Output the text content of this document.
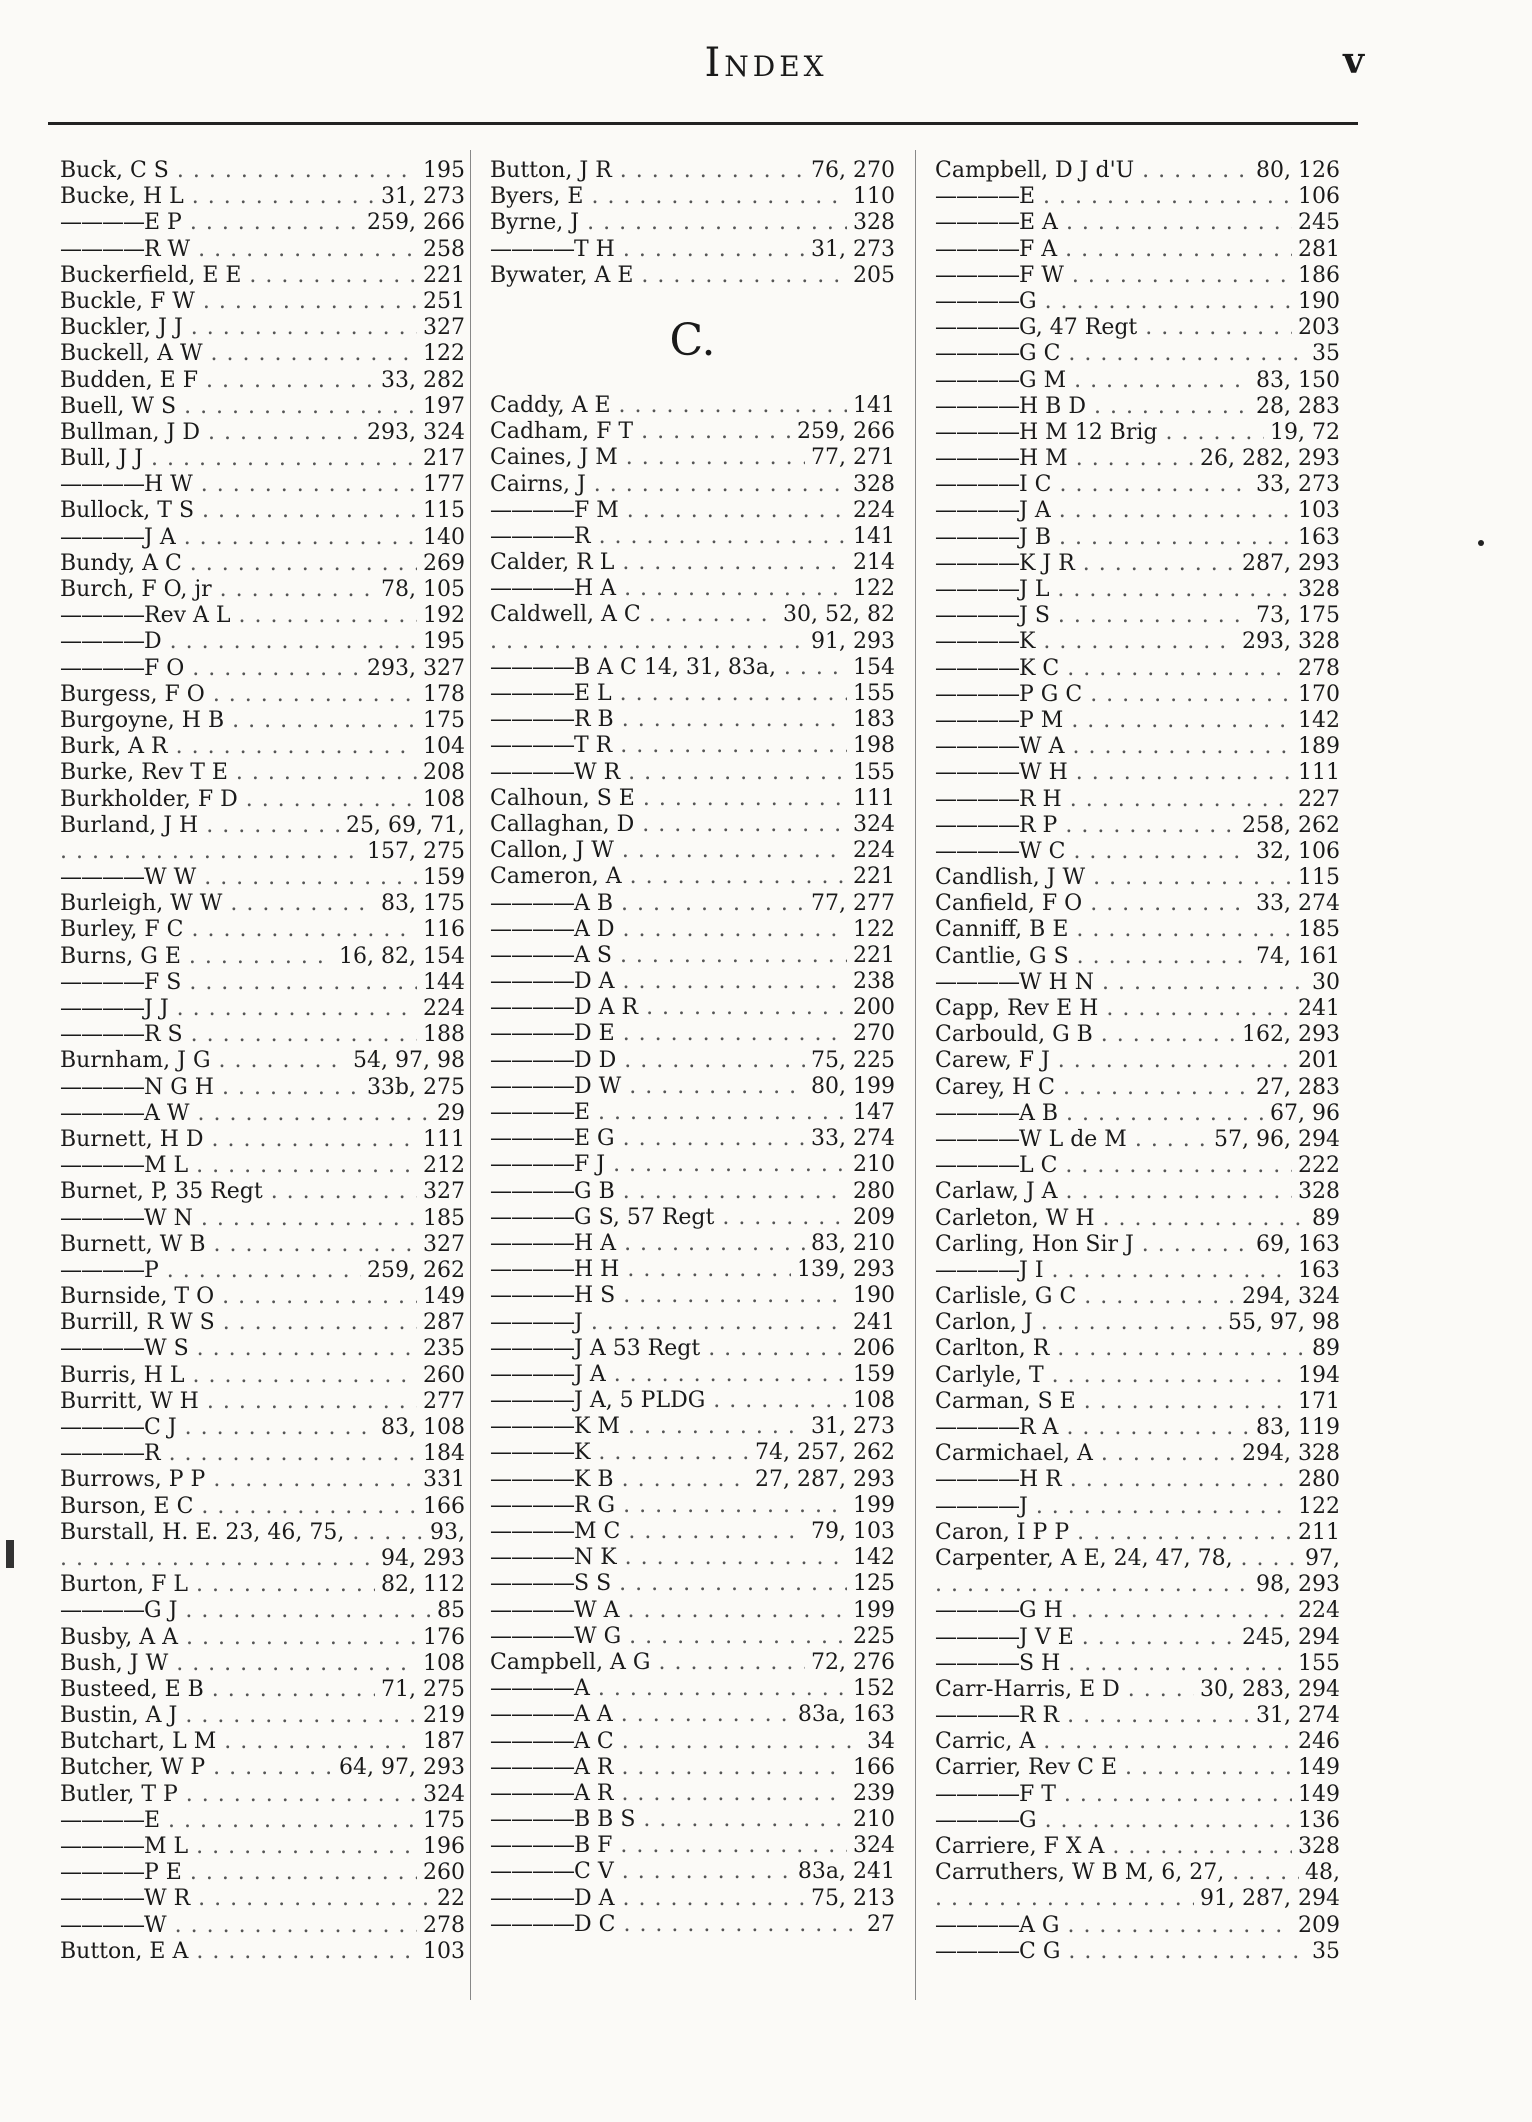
Index	v
Buck, C S . . .	195
Bucke, H L . . .	31, 273
———— E P . . .	259, 266
———— R W . . .	258
Buckerfield, E E . . .	221
Buckle, F W . . .	251
Buckler, J J . . .	327
Buckell, A W . . .	122
Budden, E F . . .	33, 282
Buell, W S . . .	197
Bullman, J D . . .	293, 324
Bull, J J . . .	217
———— H W . . .	177
Bullock, T S . . .	115
———— J A . . .	140
Bundy, A C . . .	269
Burch, F O, jr . . .	78, 105
———— Rev A L . . .	192
———— D . . .	195
———— F O . . .	293, 327
Burgess, F O . . .	178
Burgoyne, H B . . .	175
Burk, A R . . .	104
Burke, Rev T E . . .	208
Burkholder, F D . . .	108
Burland, J H . . .	25, 69, 71,
. . .
157, 275
———— W W . . .	159
Burleigh, W W . . .	83, 175
Burley, F C . . .	116
Burns, G E . . .	16, 82, 154
———— F S . . .	144
———— J J . . .	224
———— R S . . .	188
Burnham, J G . . .	54, 97, 98
———— N G H . . .	33b, 275
———— A W . . .	29
Burnett, H D . . .	111
———— M L . . .	212
Burnet, P, 35 Regt . . .	327
———— W N . . .	185
Burnett, W B . . .	327
———— P . . .	259, 262
Burnside, T O . . .	149
Burrill, R W S . . .	287
———— W S . . .	235
Burris, H L . . .	260
Burritt, W H . . .	277
———— C J . . .	83, 108
———— R . . .	184
Burrows, P P . . .	331
Burson, E C . . .	166
Burstall, H. E. 23, 46, 75, . . .	93,
. . .
94, 293
Burton, F L . . .	82, 112
———— G J . . .	85
Busby, A A . . .	176
Bush, J W . . .	108
Busteed, E B . . .	71, 275
Bustin, A J . . .	219
Butchart, L M . . .	187
Butcher, W P . . .	64, 97, 293
Butler, T P . . .	324
———— E . . .	175
———— M L . . .	196
———— P E . . .	260
———— W R . . .	22
———— W . . .	278
Button, E A . . .	103
Button, J R . . .	76, 270
Byers, E . . .	110
Byrne, J . . .	328
———— T H . . .	31, 273
Bywater, A E . . .	205
C.
Caddy, A E . . .	141
Cadham, F T . . .	259, 266
Caines, J M . . .	77, 271
Cairns, J . . .	328
———— F M . . .	224
———— R . . .	141
Calder, R L . . .	214
———— H A . . .	122
Caldwell, A C . . .	30, 52, 82
. . .
91, 293
———— B A C 14, 31, 83a, . . .	154
———— E L . . .	155
———— R B . . .	183
———— T R . . .	198
———— W R . . .	155
Calhoun, S E . . .	111
Callaghan, D . . .	324
Callon, J W . . .	224
Cameron, A . . .	221
———— A B . . .	77, 277
———— A D . . .	122
———— A S . . .	221
———— D A . . .	238
———— D A R . . .	200
———— D E . . .	270
———— D D . . .	75, 225
———— D W . . .	80, 199
———— E . . .	147
———— E G . . .	33, 274
———— F J . . .	210
———— G B . . .	280
———— G S, 57 Regt . . .	209
———— H A . . .	83, 210
———— H H . . .	139, 293
———— H S . . .	190
———— J . . .	241
———— J A 53 Regt . . .	206
———— J A . . .	159
———— J A, 5 PLDG . . .	108
———— K M . . .	31, 273
———— K . . .	74, 257, 262
———— K B . . .	27, 287, 293
———— R G . . .	199
———— M C . . .	79, 103
———— N K . . .	142
———— S S . . .	125
———— W A . . .	199
———— W G . . .	225
Campbell, A G . . .	72, 276
———— A . . .	152
———— A A . . .	83a, 163
———— A C . . .	34
———— A R . . .	166
———— A R . . .	239
———— B B S . . .	210
———— B F . . .	324
———— C V . . .	83a, 241
———— D A . . .	75, 213
———— D C . . .	27
Campbell, D J d'U . . .	80, 126
———— E . . .	106
———— E A . . .	245
———— F A . . .	281
———— F W . . .	186
———— G . . .	190
———— G, 47 Regt . . .	203
———— G C . . .	35
———— G M . . .	83, 150
———— H B D . . .	28, 283
———— H M 12 Brig . . .	19, 72
———— H M . . .	26, 282, 293
———— I C . . .	33, 273
———— J A . . .	103
———— J B . . .	163
———— K J R . . .	287, 293
———— J L . . .	328
———— J S . . .	73, 175
———— K . . .	293, 328
———— K C . . .	278
———— P G C . . .	170
———— P M . . .	142
———— W A . . .	189
———— W H . . .	111
———— R H . . .	227
———— R P . . .	258, 262
———— W C . . .	32, 106
Candlish, J W . . .	115
Canfield, F O . . .	33, 274
Canniff, B E . . .	185
Cantlie, G S . . .	74, 161
———— W H N . . .	30
Capp, Rev E H . . .	241
Carbould, G B . . .	162, 293
Carew, F J . . .	201
Carey, H C . . .	27, 283
———— A B . . .	67, 96
———— W L de M . . .	57, 96, 294
———— L C . . .	222
Carlaw, J A . . .	328
Carleton, W H . . .	89
Carling, Hon Sir J . . .	69, 163
———— J I . . .	163
Carlisle, G C . . .	294, 324
Carlon, J . . .	55, 97, 98
Carlton, R . . .	89
Carlyle, T . . .	194
Carman, S E . . .	171
———— R A . . .	83, 119
Carmichael, A . . .	294, 328
———— H R . . .	280
———— J . . .	122
Caron, I P P . . .	211
Carpenter, A E, 24, 47, 78, . . .	97,
. . .
98, 293
———— G H . . .	224
———— J V E . . .	245, 294
———— S H . . .	155
Carr-Harris, E D . . .	30, 283, 294
———— R R . . .	31, 274
Carric, A . . .	246
Carrier, Rev C E . . .	149
———— F T . . .	149
———— G . . .	136
Carriere, F X A . . .	328
Carruthers, W B M, 6, 27, . . .	48,
. . .
91, 287, 294
———— A G . . .	209
———— C G . . .	35
